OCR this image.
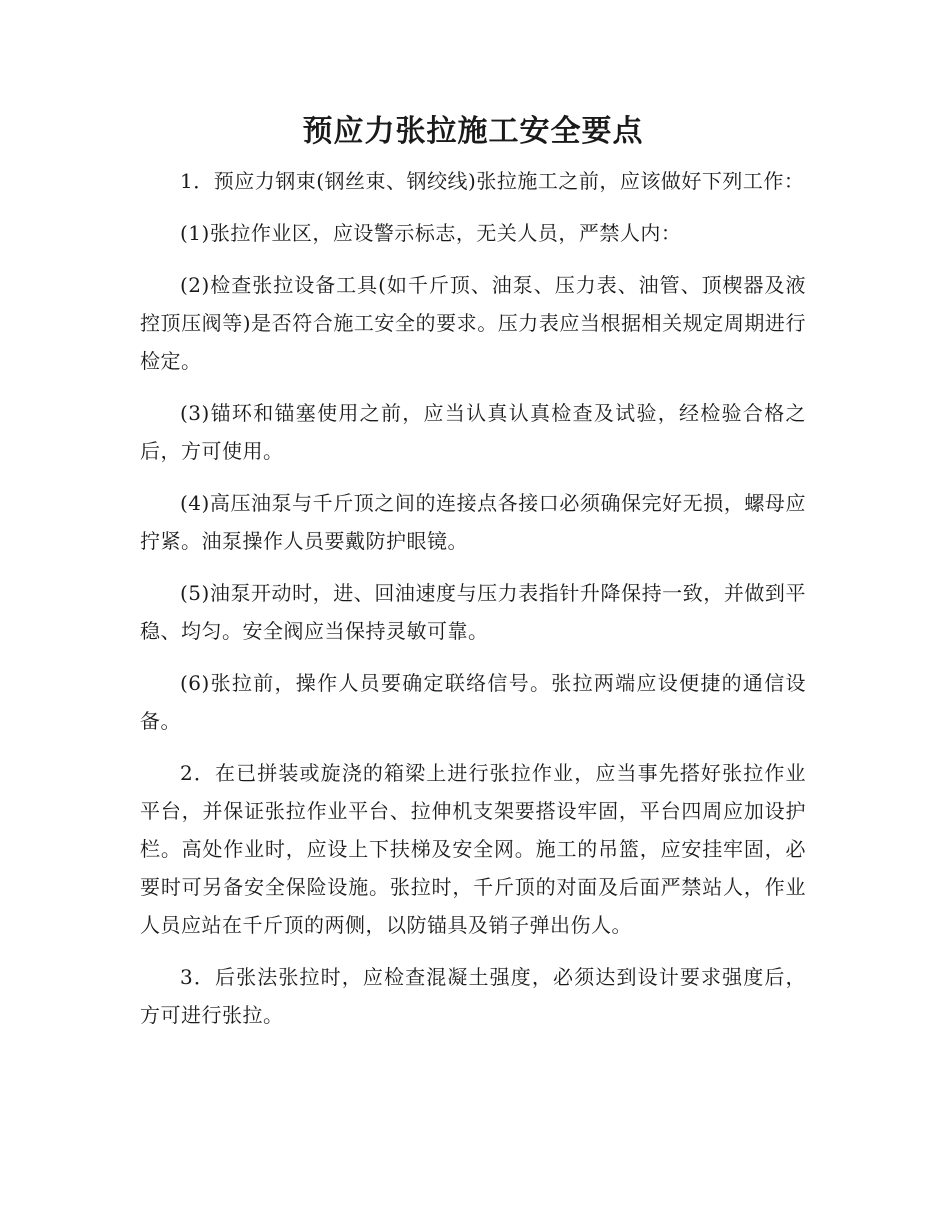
预应力张拉施工安全要点

1．预应力钢束(钢丝束、钢绞线)张拉施工之前，应该做好下列工作：

(1)张拉作业区，应设警示标志，无关人员，严禁人内：

(2)检查张拉设备工具(如千斤顶、油泵、压力表、油管、顶楔器及液控顶压阀等)是否符合施工安全的要求。压力表应当根据相关规定周期进行检定。

(3)锚环和锚塞使用之前，应当认真认真检查及试验，经检验合格之后，方可使用。

(4)高压油泵与千斤顶之间的连接点各接口必须确保完好无损，螺母应拧紧。油泵操作人员要戴防护眼镜。

(5)油泵开动时，进、回油速度与压力表指针升降保持一致，并做到平稳、均匀。安全阀应当保持灵敏可靠。

(6)张拉前，操作人员要确定联络信号。张拉两端应设便捷的通信设备。

2．在已拼装或旋浇的箱梁上进行张拉作业，应当事先搭好张拉作业平台，并保证张拉作业平台、拉伸机支架要搭设牢固，平台四周应加设护栏。高处作业时，应设上下扶梯及安全网。施工的吊篮，应安挂牢固，必要时可另备安全保险设施。张拉时，千斤顶的对面及后面严禁站人，作业人员应站在千斤顶的两侧，以防锚具及销子弹出伤人。

3．后张法张拉时，应检查混凝土强度，必须达到设计要求强度后，方可进行张拉。
